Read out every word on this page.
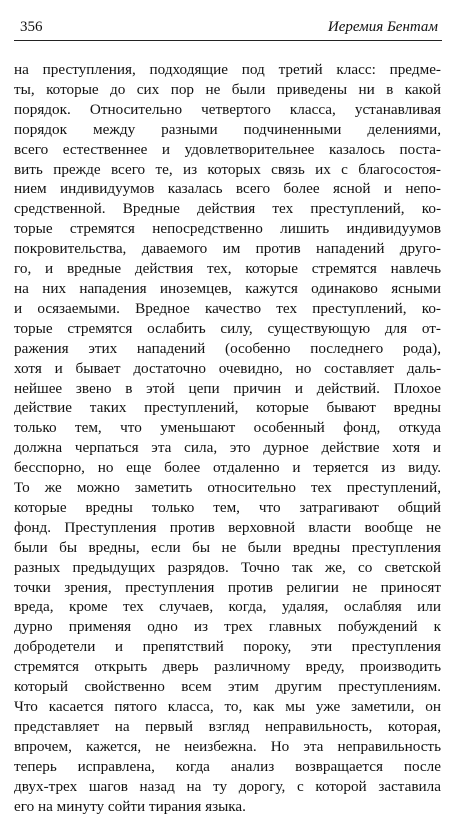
356	Иеремия Бентам
на преступления, подходящие под третий класс: предме-
ты, которые до сих пор не были приведены ни в какой
порядок. Относительно четвертого класса, устанавливая
порядок между разными подчиненными делениями,
всего естественнее и удовлетворительнее казалось поста-
вить прежде всего те, из которых связь их с благосостоя-
нием индивидуумов казалась всего более ясной и непо-
средственной. Вредные действия тех преступлений, ко-
торые стремятся непосредственно лишить индивидуумов
покровительства, даваемого им против нападений друго-
го, и вредные действия тех, которые стремятся навлечь
на них нападения иноземцев, кажутся одинаково ясными
и осязаемыми. Вредное качество тех преступлений, ко-
торые стремятся ослабить силу, существующую для от-
ражения этих нападений (особенно последнего рода),
хотя и бывает достаточно очевидно, но составляет даль-
нейшее звено в этой цепи причин и действий. Плохое
действие таких преступлений, которые бывают вредны
только тем, что уменьшают особенный фонд, откуда
должна черпаться эта сила, это дурное действие хотя и
бесспорно, но еще более отдаленно и теряется из виду.
То же можно заметить относительно тех преступлений,
которые вредны только тем, что затрагивают общий
фонд. Преступления против верховной власти вообще не
были бы вредны, если бы не были вредны преступления
разных предыдущих разрядов. Точно так же, со светской
точки зрения, преступления против религии не приносят
вреда, кроме тех случаев, когда, удаляя, ослабляя или
дурно применяя одно из трех главных побуждений к
добродетели и препятствий пороку, эти преступления
стремятся открыть дверь различному вреду, производить
который свойственно всем этим другим преступлениям.
Что касается пятого класса, то, как мы уже заметили, он
представляет на первый взгляд неправильность, которая,
впрочем, кажется, не неизбежна. Но эта неправильность
теперь исправлена, когда анализ возвращается после
двух-трех шагов назад на ту дорогу, с которой заставила
его на минуту сойти тирания языка.
